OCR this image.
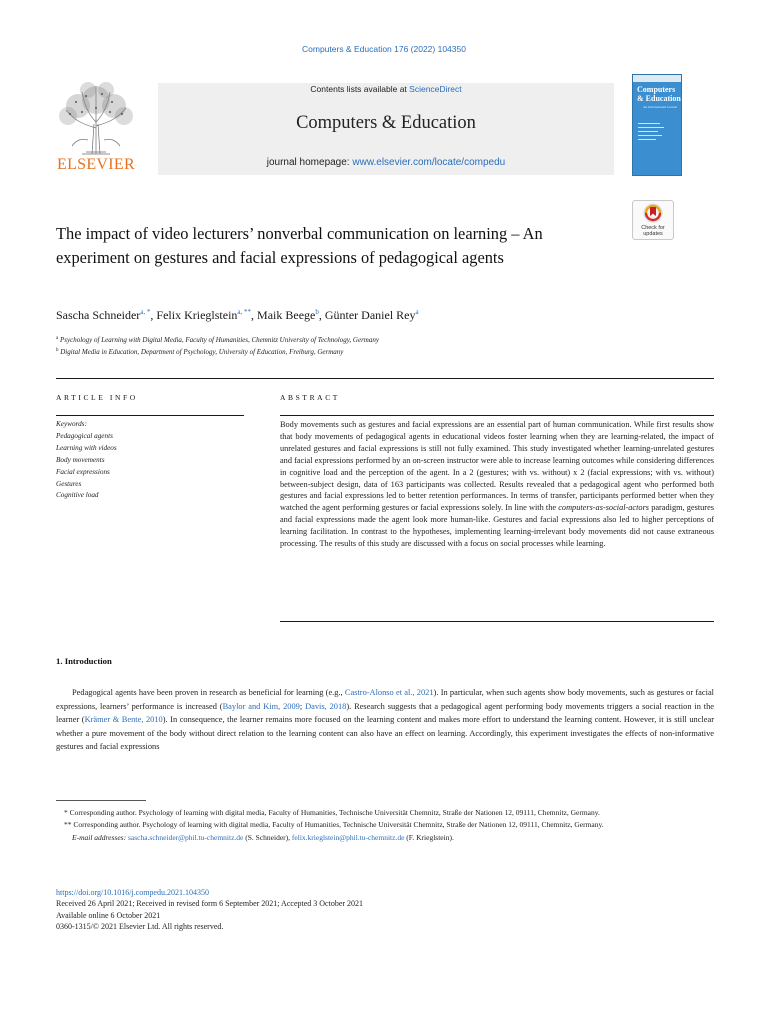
Computers & Education 176 (2022) 104350
ELSEVIER
Contents lists available at ScienceDirect
Computers & Education
journal homepage: www.elsevier.com/locate/compedu
Computers
& Education
An International Journal
Check for
updates
The impact of video lecturers’ nonverbal communication on learning – An experiment on gestures and facial expressions of pedagogical agents
Sascha Schneider$^{a, *}$, Felix Krieglstein$^{a, **}$, Maik Beege$^b$, Günter Daniel Rey$^a$
$^a$ Psychology of Learning with Digital Media, Faculty of Humanities, Chemnitz University of Technology, Germany
$^b$ Digital Media in Education, Department of Psychology, University of Education, Freiburg, Germany
ARTICLE INFO	ABSTRACT
Keywords:
Pedagogical agents
Learning with videos
Body movements
Facial expressions
Gestures
Cognitive load
Body movements such as gestures and facial expressions are an essential part of human communication. While first results show that body movements of pedagogical agents in educational videos foster learning when they are learning-related, the impact of unrelated gestures and facial expressions is still not fully examined. This study investigated whether learning-unrelated gestures and facial expressions performed by an on-screen instructor were able to increase learning outcomes while considering differences in cognitive load and the perception of the agent. In a 2 (gestures; with vs. without) x 2 (facial expressions; with vs. without) between-subject design, data of 163 participants was collected. Results revealed that a pedagogical agent who performed both gestures and facial expressions led to better retention performances. In terms of transfer, participants performed better when they watched the agent performing gestures or facial expressions solely. In line with the computers-as-social-actors paradigm, gestures and facial expressions made the agent look more human-like. Gestures and facial expressions also led to higher perceptions of learning facilitation. In contrast to the hypotheses, implementing learning-irrelevant body movements did not cause extraneous processing. The results of this study are discussed with a focus on social processes while learning.
1. Introduction
Pedagogical agents have been proven in research as beneficial for learning (e.g., Castro-Alonso et al., 2021). In particular, when such agents show body movements, such as gestures or facial expressions, learners’ performance is increased (Baylor and Kim, 2009; Davis, 2018). Research suggests that a pedagogical agent performing body movements triggers a social reaction in the learner (Krämer & Bente, 2010). In consequence, the learner remains more focused on the learning content and makes more effort to understand the learning content. However, it is still unclear whether a pure movement of the body without direct relation to the learning content can also have an effect on learning. Accordingly, this experiment investigates the effects of non-informative gestures and facial expressions

* Corresponding author. Psychology of learning with digital media, Faculty of Humanities, Technische Universität Chemnitz, Straße der Nationen 12, 09111, Chemnitz, Germany.

** Corresponding author. Psychology of learning with digital media, Faculty of Humanities, Technische Universität Chemnitz, Straße der Nationen 12, 09111, Chemnitz, Germany.

E-mail addresses: sascha.schneider@phil.tu-chemnitz.de (S. Schneider), felix.krieglstein@phil.tu-chemnitz.de (F. Krieglstein).

https://doi.org/10.1016/j.compedu.2021.104350

Received 26 April 2021; Received in revised form 6 September 2021; Accepted 3 October 2021

Available online 6 October 2021

0360-1315/© 2021 Elsevier Ltd. All rights reserved.
